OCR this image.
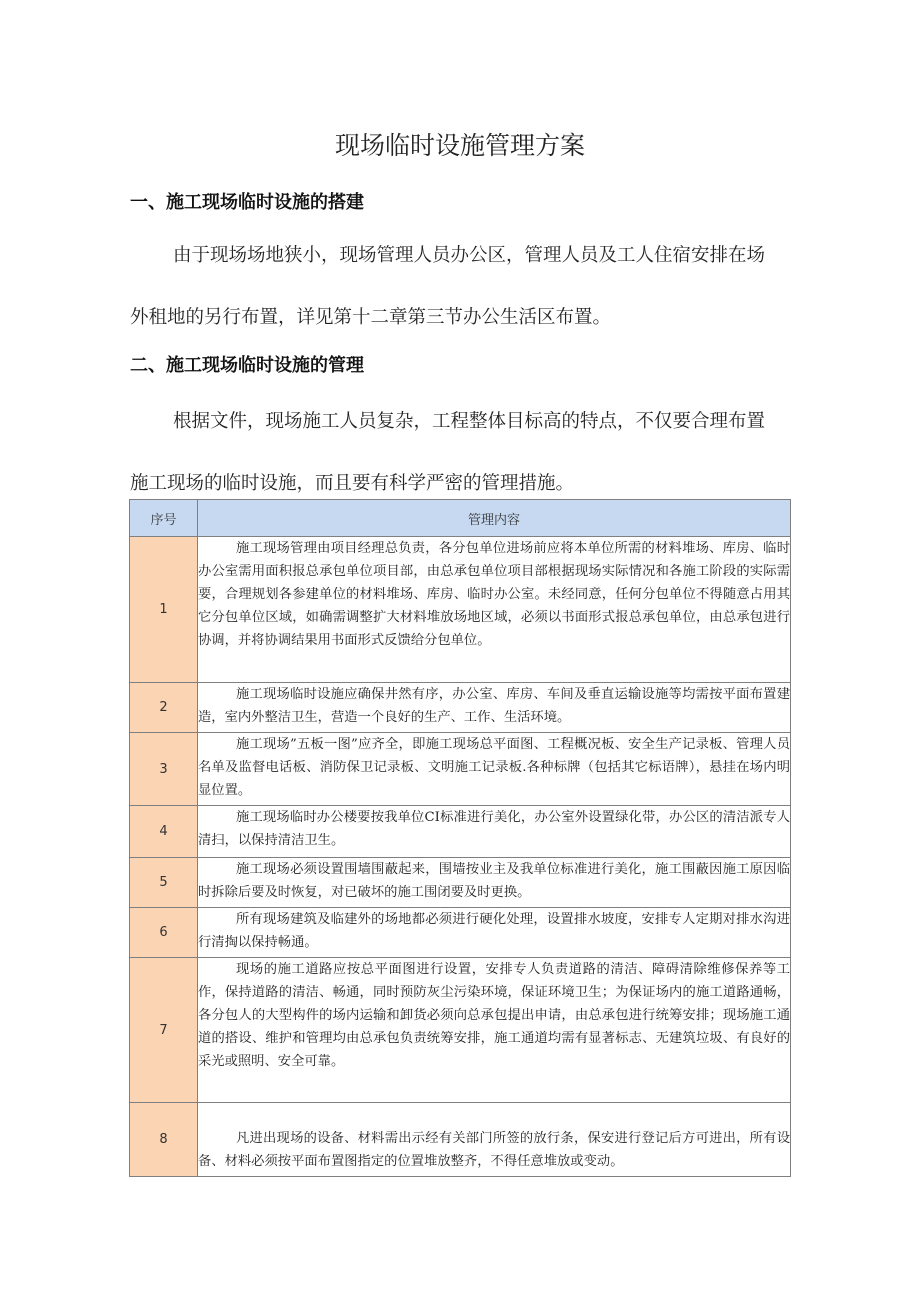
现场临时设施管理方案
一、施工现场临时设施的搭建

由于现场场地狭小，现场管理人员办公区，管理人员及工人住宿安排在场外租地的另行布置，详见第十二章第三节办公生活区布置。

二、施工现场临时设施的管理

根据文件，现场施工人员复杂，工程整体目标高的特点，不仅要合理布置施工现场的临时设施，而且要有科学严密的管理措施。

序号	管理内容
1	施工现场管理由项目经理总负责，各分包单位进场前应将本单位所需的材料堆场、库房、临时办公室需用面积报总承包单位项目部，由总承包单位项目部根据现场实际情况和各施工阶段的实际需要，合理规划各参建单位的材料堆场、库房、临时办公室。未经同意，任何分包单位不得随意占用其它分包单位区域，如确需调整扩大材料堆放场地区域，必须以书面形式报总承包单位，由总承包进行协调，并将协调结果用书面形式反馈给分包单位。
2	施工现场临时设施应确保井然有序，办公室、库房、车间及垂直运输设施等均需按平面布置建造，室内外整洁卫生，营造一个良好的生产、工作、生活环境。
3	施工现场”五板一图”应齐全，即施工现场总平面图、工程概况板、安全生产记录板、管理人员名单及监督电话板、消防保卫记录板、文明施工记录板.各种标牌（包括其它标语牌），悬挂在场内明显位置。
4	施工现场临时办公楼要按我单位CI标准进行美化，办公室外设置绿化带，办公区的清洁派专人清扫，以保持清洁卫生。
5	施工现场必须设置围墙围蔽起来，围墙按业主及我单位标准进行美化，施工围蔽因施工原因临时拆除后要及时恢复，对已破坏的施工围闭要及时更换。
6	所有现场建筑及临建外的场地都必须进行硬化处理，设置排水坡度，安排专人定期对排水沟进行清掏以保持畅通。
7	现场的施工道路应按总平面图进行设置，安排专人负责道路的清洁、障碍清除维修保养等工作，保持道路的清洁、畅通，同时预防灰尘污染环境，保证环境卫生；为保证场内的施工道路通畅，各分包人的大型构件的场内运输和卸货必须向总承包提出申请，由总承包进行统筹安排；现场施工通道的搭设、维护和管理均由总承包负责统筹安排，施工通道均需有显著标志、无建筑垃圾、有良好的采光或照明、安全可靠。
8	凡进出现场的设备、材料需出示经有关部门所签的放行条，保安进行登记后方可进出，所有设备、材料必须按平面布置图指定的位置堆放整齐，不得任意堆放或变动。
